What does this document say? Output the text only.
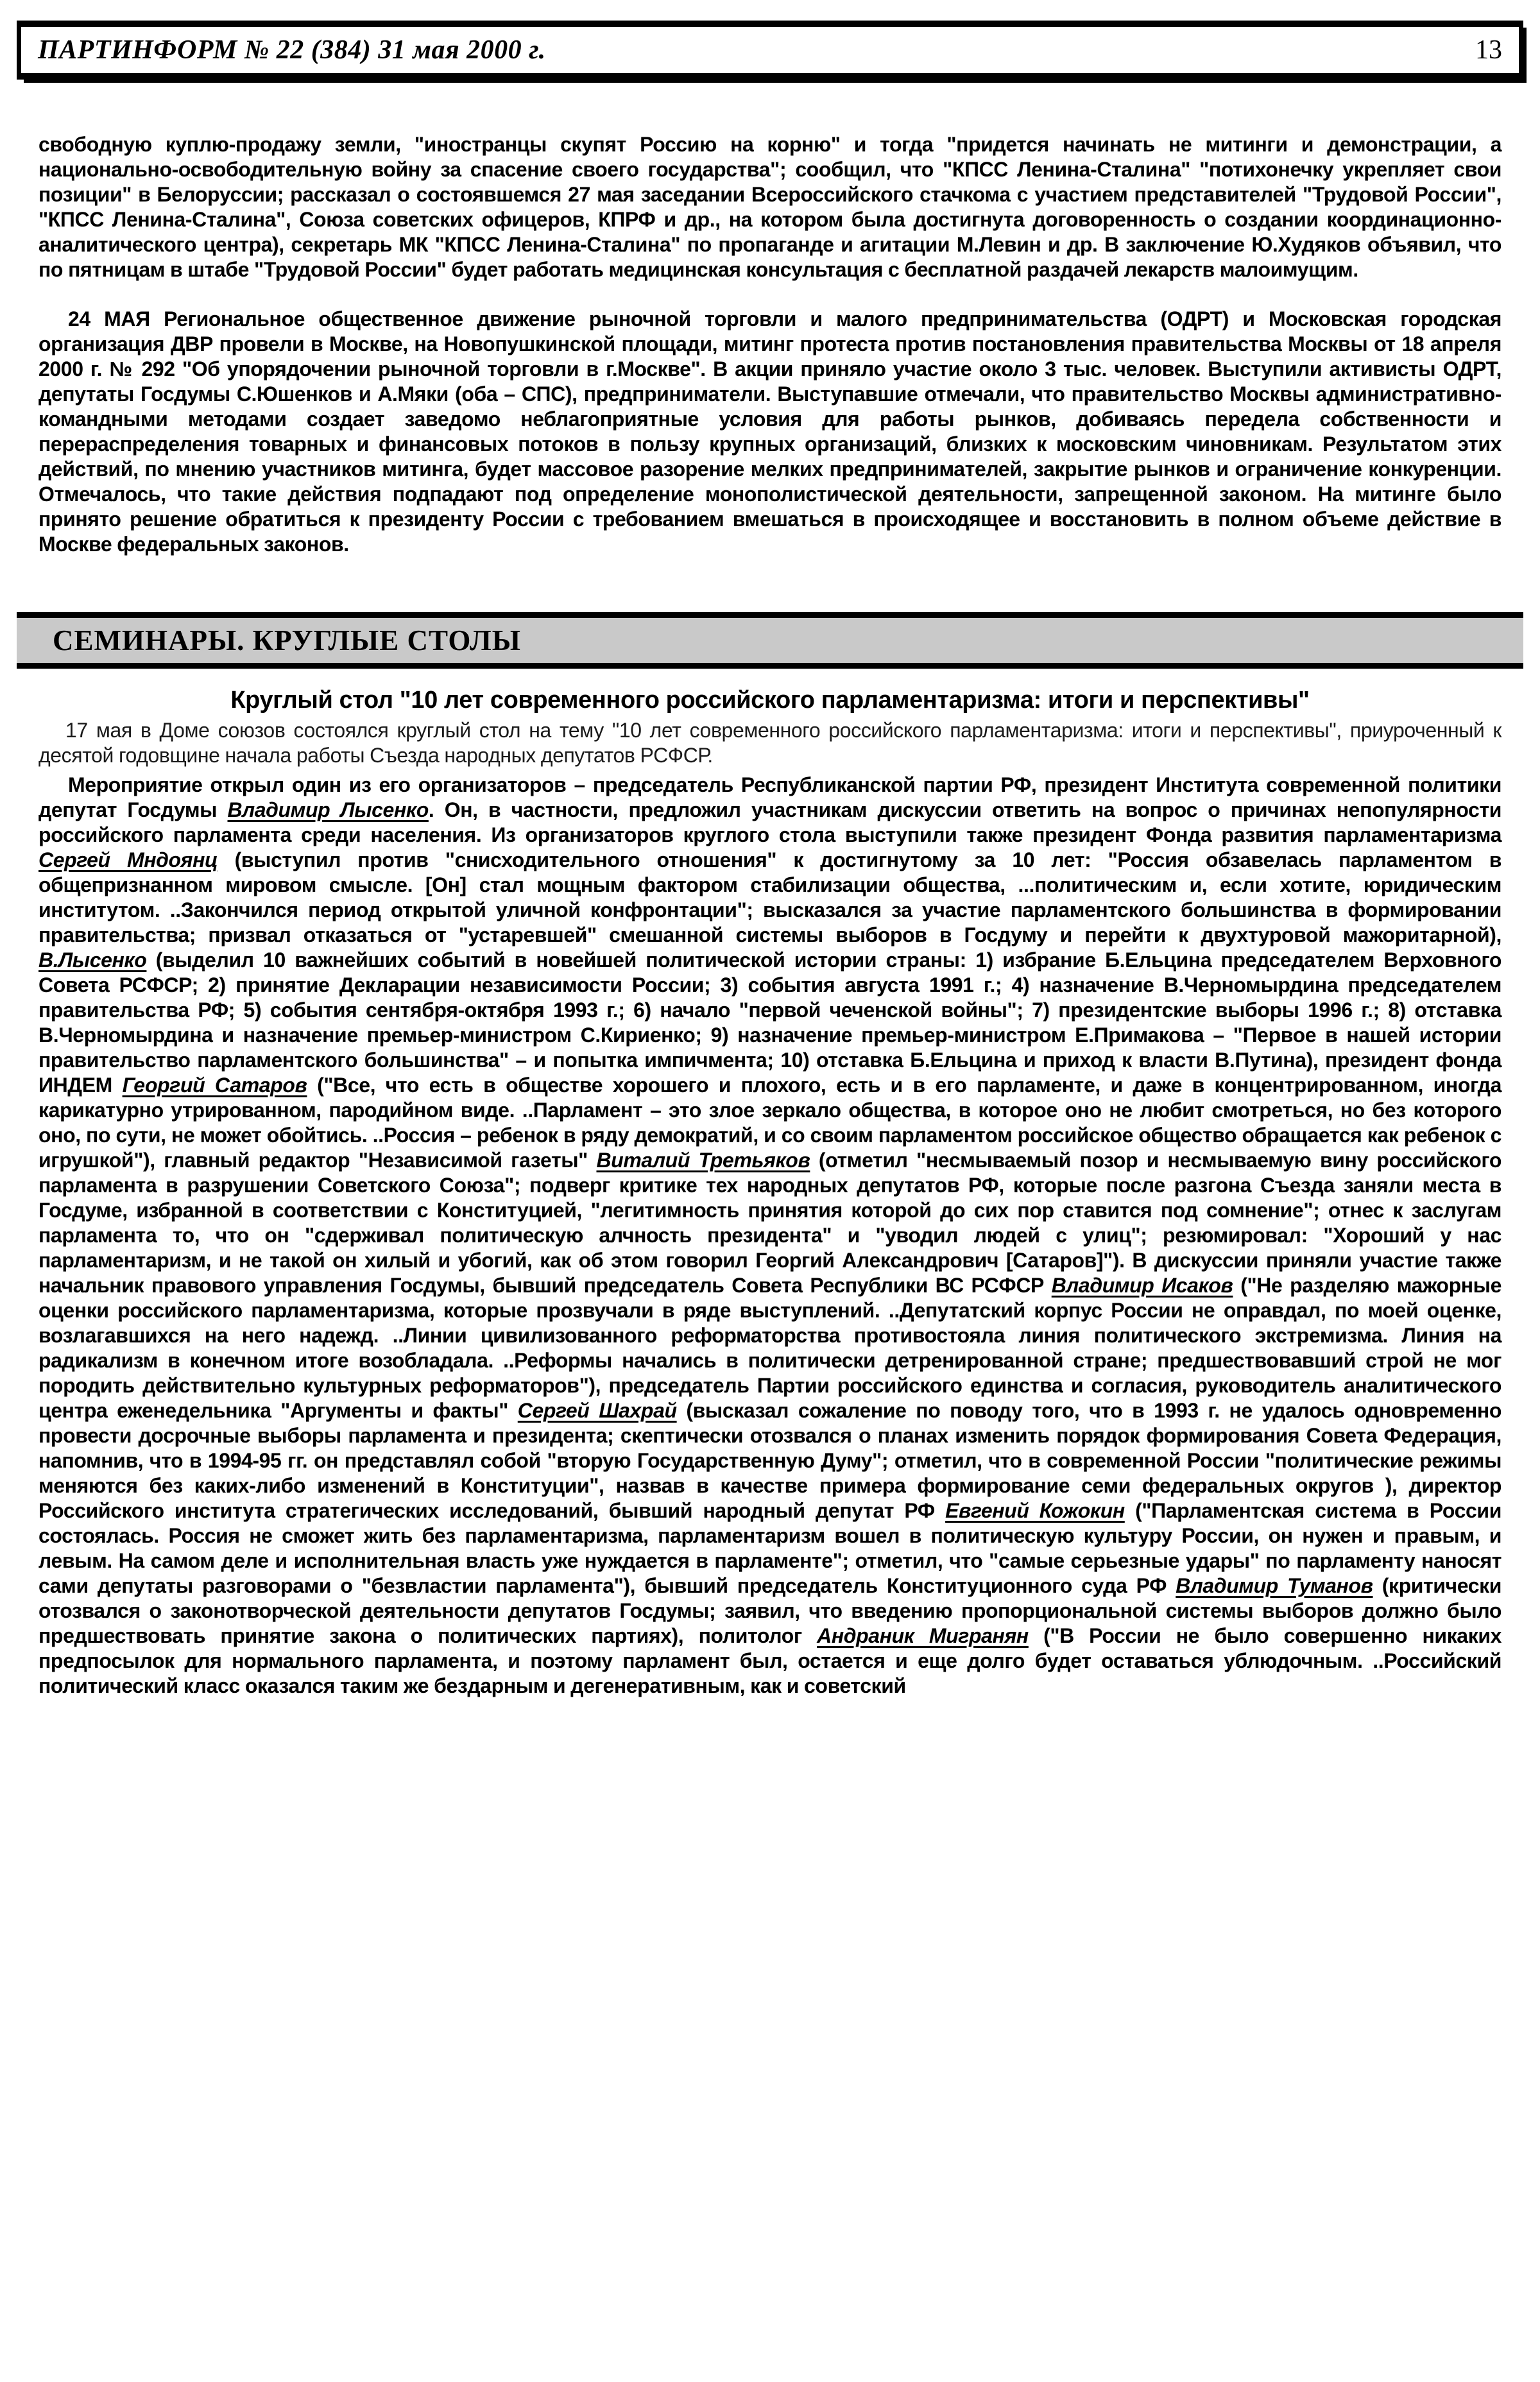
ПАРТИНФОРМ № 22 (384) 31 мая 2000 г.	13

свободную куплю-продажу земли, "иностранцы скупят Россию на корню" и тогда "придется начинать не митинги и демонстрации, а национально-освободительную войну за спасение своего государства"; сообщил, что "КПСС Ленина-Сталина" "потихонечку укрепляет свои позиции" в Белоруссии; рассказал о состоявшемся 27 мая заседании Всероссийского стачкома с участием представителей "Трудовой России", "КПСС Ленина-Сталина", Союза советских офицеров, КПРФ и др., на котором была достигнута договоренность о создании координационно-аналитического центра), секретарь МК "КПСС Ленина-Сталина" по пропаганде и агитации М.Левин и др. В заключение Ю.Худяков объявил, что по пятницам в штабе "Трудовой России" будет работать медицинская консультация с бесплатной раздачей лекарств малоимущим.

24 МАЯ Региональное общественное движение рыночной торговли и малого предпринимательства (ОДРТ) и Московская городская организация ДВР провели в Москве, на Новопушкинской площади, митинг протеста против постановления правительства Москвы от 18 апреля 2000 г. № 292 "Об упорядочении рыночной торговли в г.Москве". В акции приняло участие около 3 тыс. человек. Выступили активисты ОДРТ, депутаты Госдумы С.Юшенков и А.Мяки (оба – СПС), предприниматели. Выступавшие отмечали, что правительство Москвы административно-командными методами создает заведомо неблагоприятные условия для работы рынков, добиваясь передела собственности и перераспределения товарных и финансовых потоков в пользу крупных организаций, близких к московским чиновникам. Результатом этих действий, по мнению участников митинга, будет массовое разорение мелких предпринимателей, закрытие рынков и ограничение конкуренции. Отмечалось, что такие действия подпадают под определение монополистической деятельности, запрещенной законом. На митинге было принято решение обратиться к президенту России с требованием вмешаться в происходящее и восстановить в полном объеме действие в Москве федеральных законов.

СЕМИНАРЫ. КРУГЛЫЕ СТОЛЫ
Круглый стол "10 лет современного российского парламентаризма: итоги и перспективы"

17 мая в Доме союзов состоялся круглый стол на тему "10 лет современного российского парламентаризма: итоги и перспективы", приуроченный к десятой годовщине начала работы Съезда народных депутатов РСФСР.

Мероприятие открыл один из его организаторов – председатель Республиканской партии РФ, президент Института современной политики депутат Госдумы Владимир Лысенко. Он, в частности, предложил участникам дискуссии ответить на вопрос о причинах непопулярности российского парламента среди населения. Из организаторов круглого стола выступили также президент Фонда развития парламентаризма Сергей Мндоянц (выступил против "снисходительного отношения" к достигнутому за 10 лет: "Россия обзавелась парламентом в общепризнанном мировом смысле. [Он] стал мощным фактором стабилизации общества, ...политическим и, если хотите, юридическим институтом. ..Закончился период открытой уличной конфронтации"; высказался за участие парламентского большинства в формировании правительства; призвал отказаться от "устаревшей" смешанной системы выборов в Госдуму и перейти к двухтуровой мажоритарной), В.Лысенко (выделил 10 важнейших событий в новейшей политической истории страны: 1) избрание Б.Ельцина председателем Верховного Совета РСФСР; 2) принятие Декларации независимости России; 3) события августа 1991 г.; 4) назначение В.Черномырдина председателем правительства РФ; 5) события сентября-октября 1993 г.; 6) начало "первой чеченской войны"; 7) президентские выборы 1996 г.; 8) отставка В.Черномырдина и назначение премьер-министром С.Кириенко; 9) назначение премьер-министром Е.Примакова – "Первое в нашей истории правительство парламентского большинства" – и попытка импичмента; 10) отставка Б.Ельцина и приход к власти В.Путина), президент фонда ИНДЕМ Георгий Сатаров ("Все, что есть в обществе хорошего и плохого, есть и в его парламенте, и даже в концентрированном, иногда карикатурно утрированном, пародийном виде. ..Парламент – это злое зеркало общества, в которое оно не любит смотреться, но без которого оно, по сути, не может обойтись. ..Россия – ребенок в ряду демократий, и со своим парламентом российское общество обращается как ребенок с игрушкой"), главный редактор "Независимой газеты" Виталий Третьяков (отметил "несмываемый позор и несмываемую вину российского парламента в разрушении Советского Союза"; подверг критике тех народных депутатов РФ, которые после разгона Съезда заняли места в Госдуме, избранной в соответствии с Конституцией, "легитимность принятия которой до сих пор ставится под сомнение"; отнес к заслугам парламента то, что он "сдерживал политическую алчность президента" и "уводил людей с улиц"; резюмировал: "Хороший у нас парламентаризм, и не такой он хилый и убогий, как об этом говорил Георгий Александрович [Сатаров]"). В дискуссии приняли участие также начальник правового управления Госдумы, бывший председатель Совета Республики ВС РСФСР Владимир Исаков ("Не разделяю мажорные оценки российского парламентаризма, которые прозвучали в ряде выступлений. ..Депутатский корпус России не оправдал, по моей оценке, возлагавшихся на него надежд. ..Линии цивилизованного реформаторства противостояла линия политического экстремизма. Линия на радикализм в конечном итоге возобладала. ..Реформы начались в политически детренированной стране; предшествовавший строй не мог породить действительно культурных реформаторов"), председатель Партии российского единства и согласия, руководитель аналитического центра еженедельника "Аргументы и факты" Сергей Шахрай (высказал сожаление по поводу того, что в 1993 г. не удалось одновременно провести досрочные выборы парламента и президента; скептически отозвался о планах изменить порядок формирования Совета Федерация, напомнив, что в 1994-95 гг. он представлял собой "вторую Государственную Думу"; отметил, что в современной России "политические режимы меняются без каких-либо изменений в Конституции", назвав в качестве примера формирование семи федеральных округов ), директор Российского института стратегических исследований, бывший народный депутат РФ Евгений Кожокин ("Парламентская система в России состоялась. Россия не сможет жить без парламентаризма, парламентаризм вошел в политическую культуру России, он нужен и правым, и левым. На самом деле и исполнительная власть уже нуждается в парламенте"; отметил, что "самые серьезные удары" по парламенту наносят сами депутаты разговорами о "безвластии парламента"), бывший председатель Конституционного суда РФ Владимир Туманов (критически отозвался о законотворческой деятельности депутатов Госдумы; заявил, что введению пропорциональной системы выборов должно было предшествовать принятие закона о политических партиях), политолог Андраник Мигранян ("В России не было совершенно никаких предпосылок для нормального парламента, и поэтому парламент был, остается и еще долго будет оставаться ублюдочным. ..Российский политический класс оказался таким же бездарным и дегенеративным, как и советский
